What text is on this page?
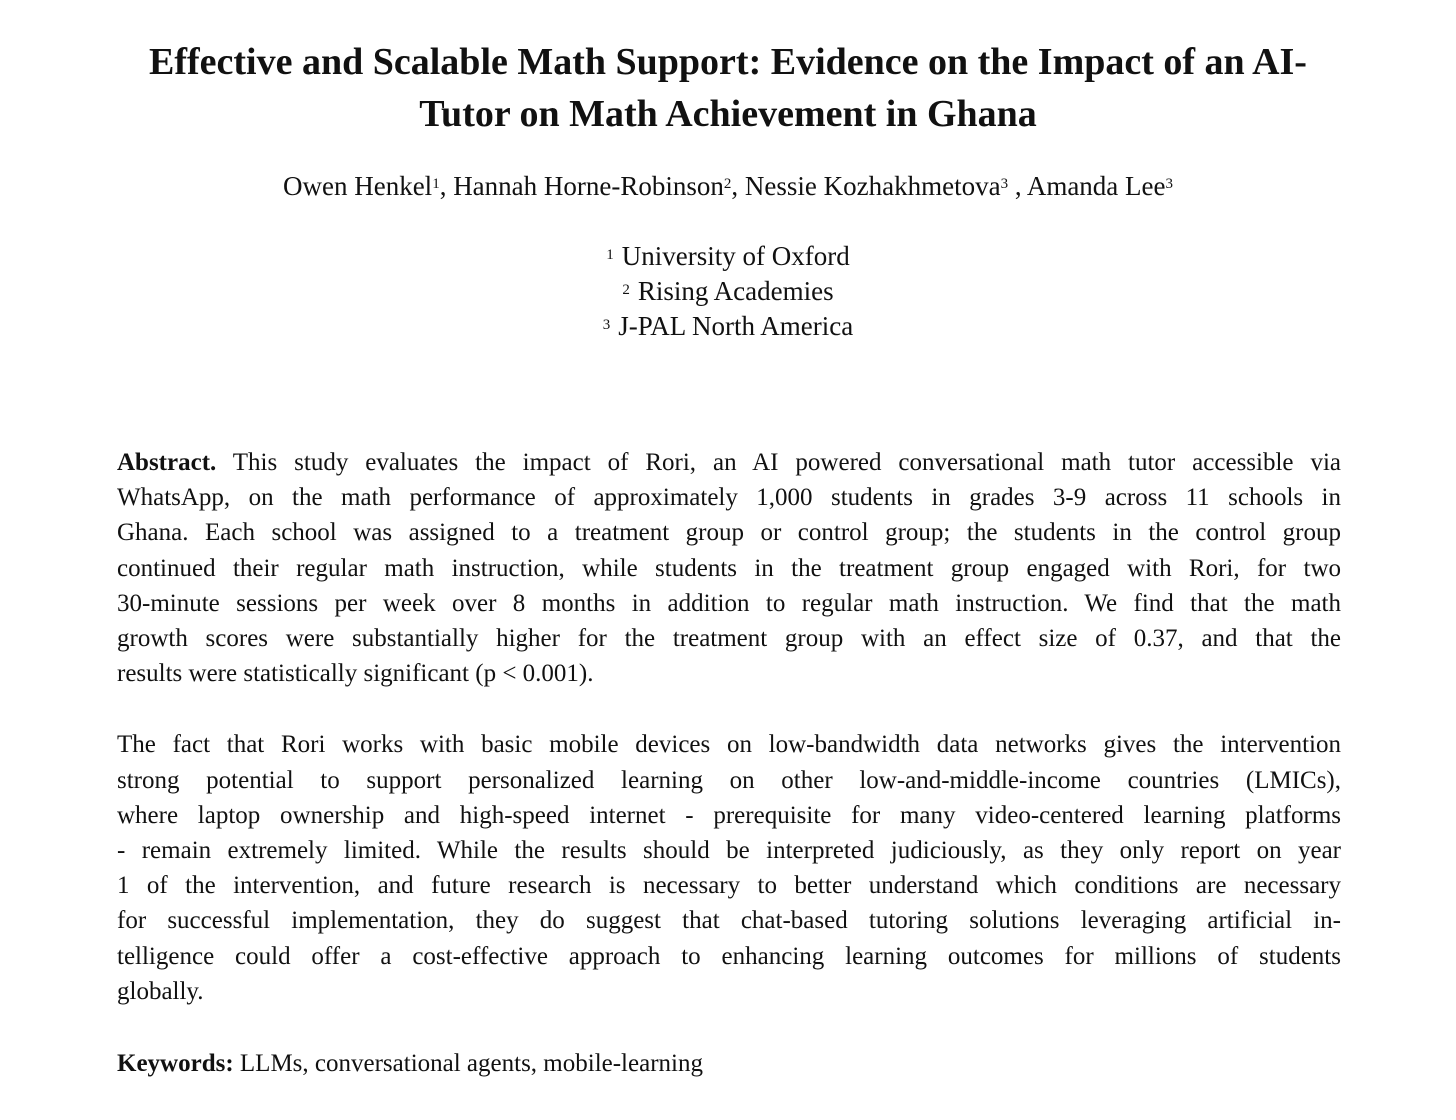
Effective and Scalable Math Support: Evidence on the Impact of an AI-
Tutor on Math Achievement in Ghana
Owen Henkel$^1$, Hannah Horne-Robinson$^2$, Nessie Kozhakhmetova$^3$ , Amanda Lee$^3$
$^1$ University of Oxford
$^2$ Rising Academies
$^3$ J-PAL North America
Abstract. This study evaluates the impact of Rori, an AI powered conversational math tutor accessible via
WhatsApp, on the math performance of approximately 1,000 students in grades 3-9 across 11 schools in
Ghana. Each school was assigned to a treatment group or control group; the students in the control group
continued their regular math instruction, while students in the treatment group engaged with Rori, for two
30-minute sessions per week over 8 months in addition to regular math instruction. We find that the math
growth scores were substantially higher for the treatment group with an effect size of 0.37, and that the
results were statistically significant (p < 0.001).
The fact that Rori works with basic mobile devices on low-bandwidth data networks gives the intervention
strong potential to support personalized learning on other low-and-middle-income countries (LMICs),
where laptop ownership and high-speed internet - prerequisite for many video-centered learning platforms
- remain extremely limited. While the results should be interpreted judiciously, as they only report on year
1 of the intervention, and future research is necessary to better understand which conditions are necessary
for successful implementation, they do suggest that chat-based tutoring solutions leveraging artificial in-
telligence could offer a cost-effective approach to enhancing learning outcomes for millions of students
globally.
Keywords: LLMs, conversational agents, mobile-learning
